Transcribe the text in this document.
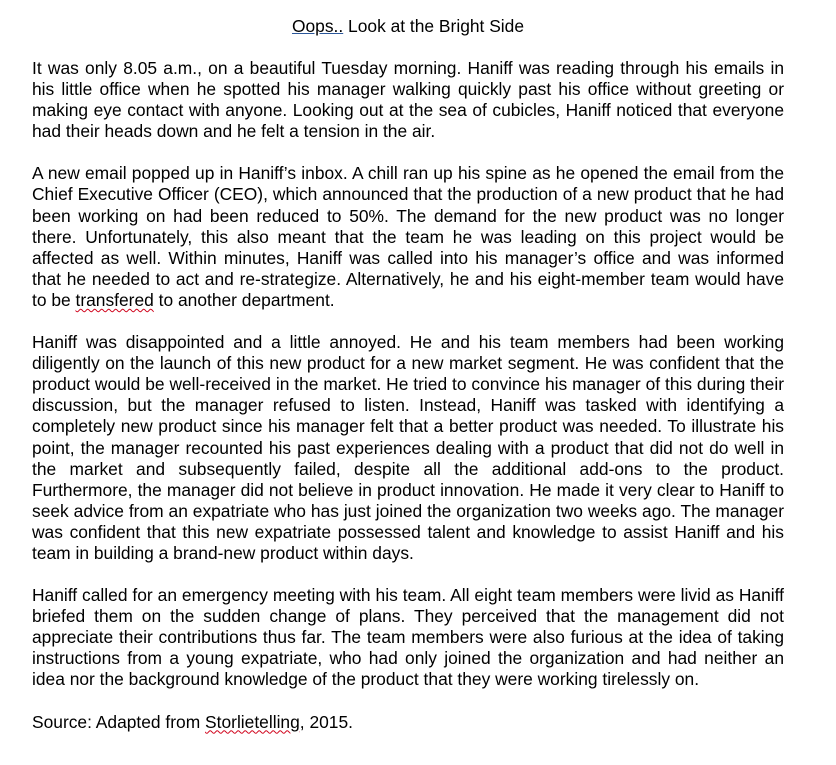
Oops.. Look at the Bright Side

It was only 8.05 a.m., on a beautiful Tuesday morning. Haniff was reading through his emails in his little office when he spotted his manager walking quickly past his office without greeting or making eye contact with anyone. Looking out at the sea of cubicles, Haniff noticed that everyone had their heads down and he felt a tension in the air.

A new email popped up in Haniff’s inbox. A chill ran up his spine as he opened the email from the Chief Executive Officer (CEO), which announced that the production of a new product that he had been working on had been reduced to 50%. The demand for the new product was no longer there. Unfortunately, this also meant that the team he was leading on this project would be affected as well. Within minutes, Haniff was called into his manager’s office and was informed that he needed to act and re-strategize. Alternatively, he and his eight-member team would have to be transfered to another department.

Haniff was disappointed and a little annoyed. He and his team members had been working diligently on the launch of this new product for a new market segment. He was confident that the product would be well-received in the market. He tried to convince his manager of this during their discussion, but the manager refused to listen. Instead, Haniff was tasked with identifying a completely new product since his manager felt that a better product was needed. To illustrate his point, the manager recounted his past experiences dealing with a product that did not do well in the market and subsequently failed, despite all the additional add-ons to the product. Furthermore, the manager did not believe in product innovation. He made it very clear to Haniff to seek advice from an expatriate who has just joined the organization two weeks ago. The manager was confident that this new expatriate possessed talent and knowledge to assist Haniff and his team in building a brand-new product within days.

Haniff called for an emergency meeting with his team. All eight team members were livid as Haniff briefed them on the sudden change of plans. They perceived that the management did not appreciate their contributions thus far. The team members were also furious at the idea of taking instructions from a young expatriate, who had only joined the organization and had neither an idea nor the background knowledge of the product that they were working tirelessly on.

Source: Adapted from Storlietelling, 2015.
